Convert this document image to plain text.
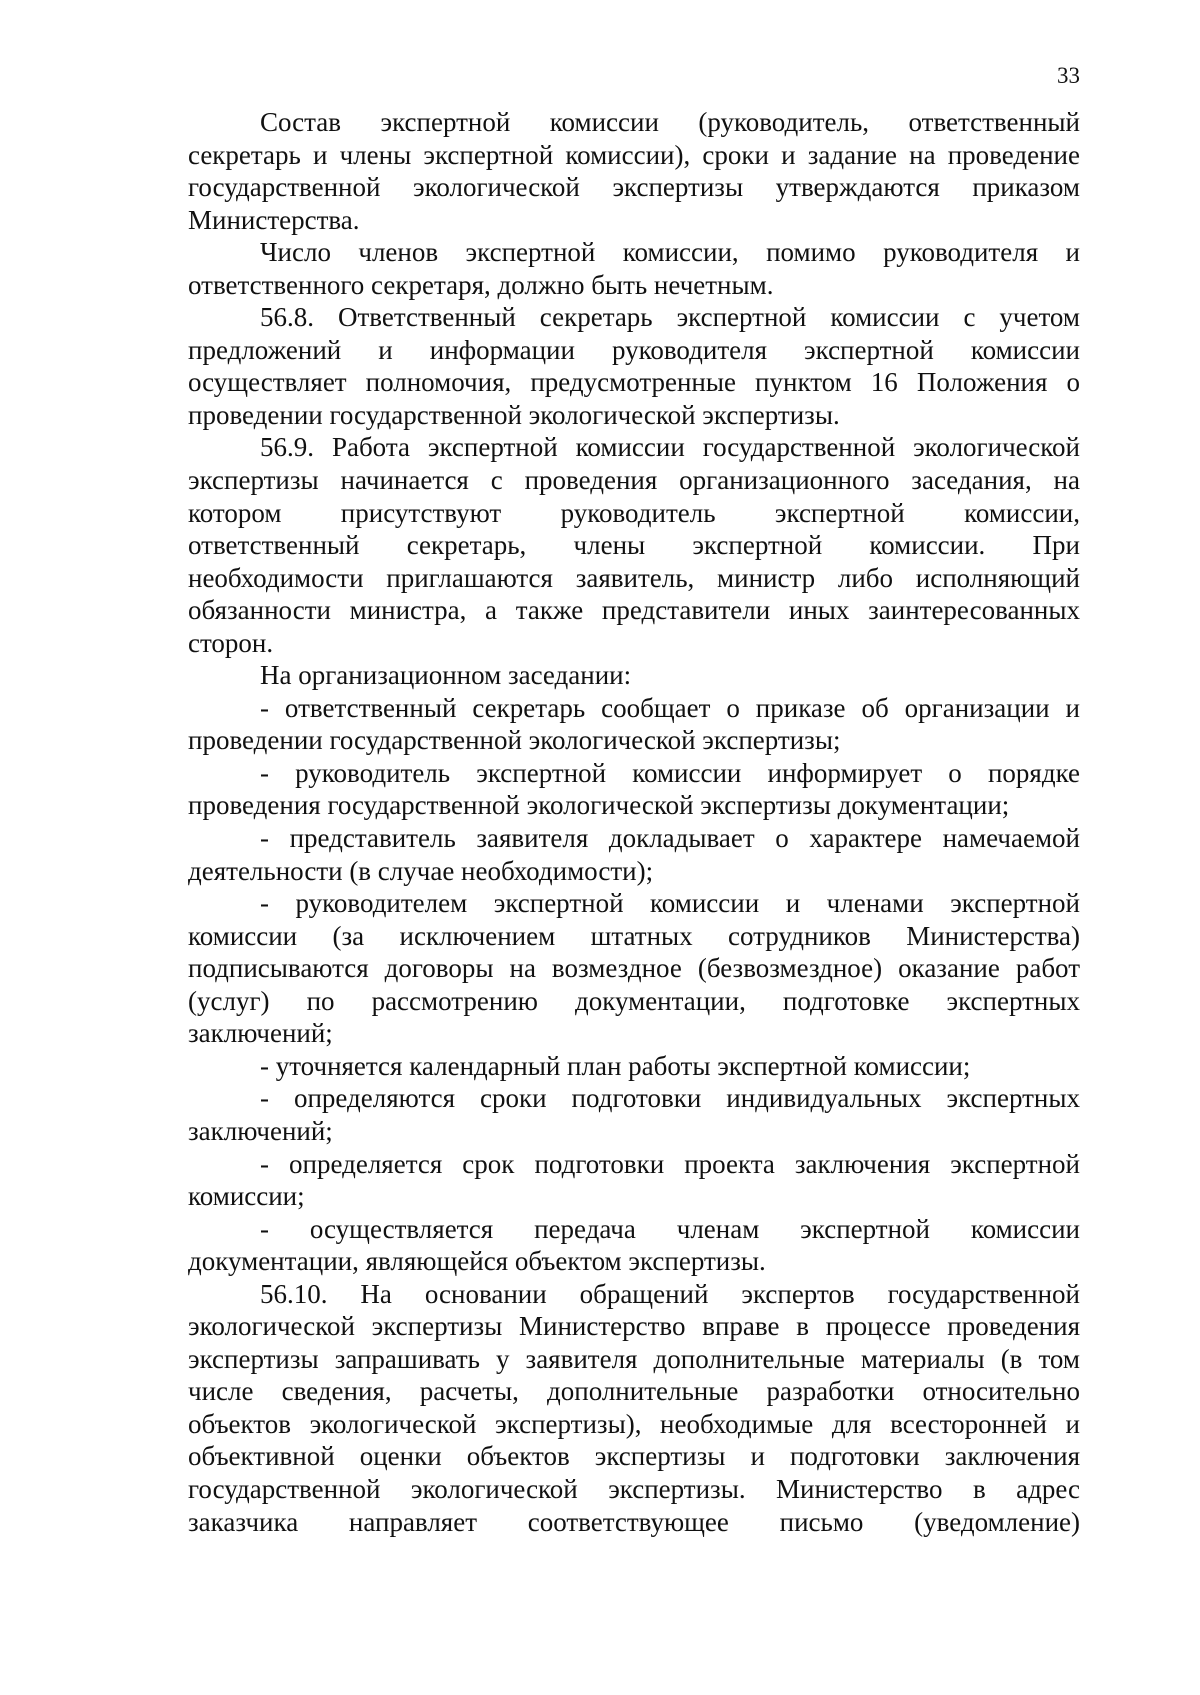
33
Состав экспертной комиссии (руководитель, ответственный
секретарь и члены экспертной комиссии), сроки и задание на проведение
государственной экологической экспертизы утверждаются приказом
Министерства.
Число членов экспертной комиссии, помимо руководителя и
ответственного секретаря, должно быть нечетным.
56.8. Ответственный секретарь экспертной комиссии с учетом
предложений и информации руководителя экспертной комиссии
осуществляет полномочия, предусмотренные пунктом 16 Положения о
проведении государственной экологической экспертизы.
56.9. Работа экспертной комиссии государственной экологической
экспертизы начинается с проведения организационного заседания, на
котором присутствуют руководитель экспертной комиссии,
ответственный секретарь, члены экспертной комиссии. При
необходимости приглашаются заявитель, министр либо исполняющий
обязанности министра, а также представители иных заинтересованных
сторон.
На организационном заседании:
- ответственный секретарь сообщает о приказе об организации и
проведении государственной экологической экспертизы;
- руководитель экспертной комиссии информирует о порядке
проведения государственной экологической экспертизы документации;
- представитель заявителя докладывает о характере намечаемой
деятельности (в случае необходимости);
- руководителем экспертной комиссии и членами экспертной
комиссии (за исключением штатных сотрудников Министерства)
подписываются договоры на возмездное (безвозмездное) оказание работ
(услуг) по рассмотрению документации, подготовке экспертных
заключений;
- уточняется календарный план работы экспертной комиссии;
- определяются сроки подготовки индивидуальных экспертных
заключений;
- определяется срок подготовки проекта заключения экспертной
комиссии;
- осуществляется передача членам экспертной комиссии
документации, являющейся объектом экспертизы.
56.10. На основании обращений экспертов государственной
экологической экспертизы Министерство вправе в процессе проведения
экспертизы запрашивать у заявителя дополнительные материалы (в том
числе сведения, расчеты, дополнительные разработки относительно
объектов экологической экспертизы), необходимые для всесторонней и
объективной оценки объектов экспертизы и подготовки заключения
государственной экологической экспертизы. Министерство в адрес
заказчика направляет соответствующее письмо (уведомление)
